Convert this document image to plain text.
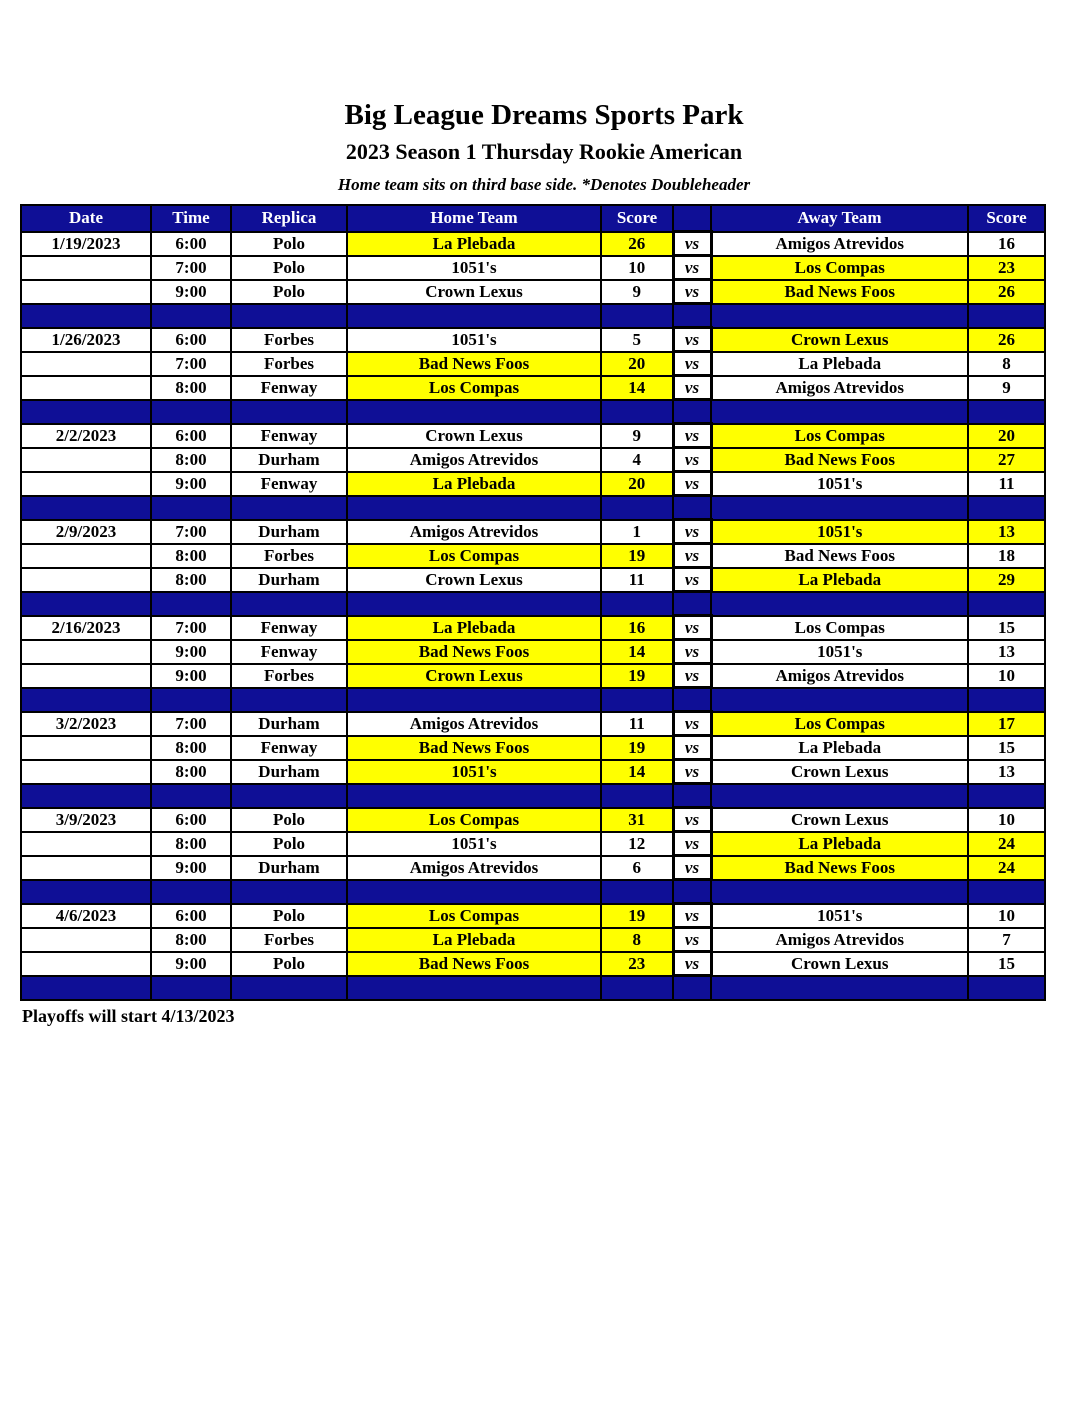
Big League Dreams Sports Park
2023 Season 1 Thursday Rookie American
Home team sits on third base side. *Denotes Doubleheader
Date	Time	Replica	Home Team	Score		Away Team	Score
1/19/2023	6:00	Polo	La Plebada	26	vs	Amigos Atrevidos	16
	7:00	Polo	1051's	10	vs	Los Compas	23
	9:00	Polo	Crown Lexus	9	vs	Bad News Foos	26

1/26/2023	6:00	Forbes	1051's	5	vs	Crown Lexus	26
	7:00	Forbes	Bad News Foos	20	vs	La Plebada	8
	8:00	Fenway	Los Compas	14	vs	Amigos Atrevidos	9

2/2/2023	6:00	Fenway	Crown Lexus	9	vs	Los Compas	20
	8:00	Durham	Amigos Atrevidos	4	vs	Bad News Foos	27
	9:00	Fenway	La Plebada	20	vs	1051's	11

2/9/2023	7:00	Durham	Amigos Atrevidos	1	vs	1051's	13
	8:00	Forbes	Los Compas	19	vs	Bad News Foos	18
	8:00	Durham	Crown Lexus	11	vs	La Plebada	29

2/16/2023	7:00	Fenway	La Plebada	16	vs	Los Compas	15
	9:00	Fenway	Bad News Foos	14	vs	1051's	13
	9:00	Forbes	Crown Lexus	19	vs	Amigos Atrevidos	10

3/2/2023	7:00	Durham	Amigos Atrevidos	11	vs	Los Compas	17
	8:00	Fenway	Bad News Foos	19	vs	La Plebada	15
	8:00	Durham	1051's	14	vs	Crown Lexus	13

3/9/2023	6:00	Polo	Los Compas	31	vs	Crown Lexus	10
	8:00	Polo	1051's	12	vs	La Plebada	24
	9:00	Durham	Amigos Atrevidos	6	vs	Bad News Foos	24

4/6/2023	6:00	Polo	Los Compas	19	vs	1051's	10
	8:00	Forbes	La Plebada	8	vs	Amigos Atrevidos	7
	9:00	Polo	Bad News Foos	23	vs	Crown Lexus	15

Playoffs will start 4/13/2023
